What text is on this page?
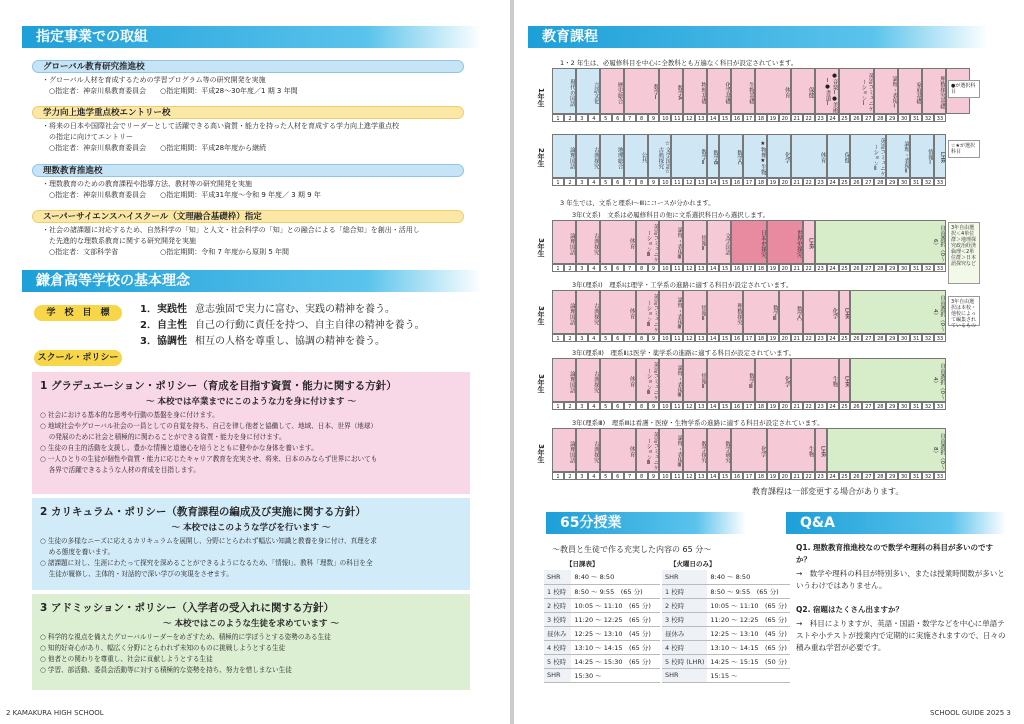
指定事業での取組
グローバル教育研究推進校
・グローバル人材を育成するための学習プログラム等の研究開発を実施
　○指定者：神奈川県教育委員会　　○指定期間：平成28〜30年度／1 期 3 年間
学力向上進学重点校エントリー校
・将来の日本や国際社会でリーダーとして活躍できる高い資質・能力を持った人材を育成する学力向上進学重点校
　の指定に向けてエントリー
　○指定者：神奈川県教育委員会　　○指定期間：平成28年度から継続
理数教育推進校
・理数教育のための教育課程や指導方法、教材等の研究開発を実施
　○指定者：神奈川県教育委員会　　○指定期間：平成31年度〜令和 9 年度／ 3 期 9 年
スーパーサイエンスハイスクール（文理融合基礎枠）指定
・社会の諸課題に対応するため、自然科学の「知」と人文・社会科学の「知」との融合による「総合知」を創出・活用し
　た先進的な理数系教育に関する研究開発を実施
　○指定者：文部科学省　　　　　　○指定期間：令和 7 年度から原則 5 年間
鎌倉高等学校の基本理念
学　校　目　標	1．実践性 意志強固で実力に富む、実践の精神を養う。
2．自主性 自己の行動に責任を持つ、自主自律の精神を養う。
3．協調性 相互の人格を尊重し、協調の精神を養う。
スクール・ポリシー
1 グラデュエーション・ポリシー（育成を目指す資質・能力に関する方針）
〜 本校では卒業までにこのような力を身に付けます 〜
○ 社会における基本的な思考や行動の基盤を身に付けます。
○ 地域社会やグローバル社会の一員としての自覚を持ち、自己を律し他者と協働して、地域、日本、世界（地球）
　 の発展のために社会と積極的に関わることができる資質・能力を身に付けます。
○ 生徒の自主的活動を支援し、豊かな情操と道徳心を培うとともに健やかな身体を養います。
○ 一人ひとりの生徒が個性や資質・能力に応じたキャリア教育を充実させ、将来、日本のみならず世界においても
　 各界で活躍できるような人材の育成を目指します。
2 カリキュラム・ポリシー（教育課程の編成及び実施に関する方針）
〜 本校ではこのような学びを行います 〜
○ 生徒の多様なニーズに応えるカリキュラムを展開し、分野にとらわれず幅広い知識と教養を身に付け、真理を求
　 める態度を養います。
○ 諸課題に対し、生涯にわたって探究を深めることができるようになるため、「情報Ⅰ」、教科「理数」の科目を全
　 生徒が履修し、主体的・対話的で深い学びの実現をさせます。
3 アドミッション・ポリシー（入学者の受入れに関する方針）
〜 本校ではこのような生徒を求めています 〜
○ 科学的な視点を備えたグローバルリーダーをめざすため、積極的に学ぼうとする姿勢のある生徒
○ 知的好奇心があり、幅広く分野にとらわれず未知のものに挑戦しようとする生徒
○ 他者との関わりを尊重し、社会に貢献しようとする生徒
○ 学習、部活動、委員会活動等に対する積極的な姿勢を持ち、努力を惜しまない生徒
2 KAMAKURA HIGH SCHOOL
教育課程
1・2 年生は、必履修科目を中心に全教科とも万遍なく科目が設定されています。
1年生	現代の国語	言語文化	歴史総合	数学Ⅰ	数学A	物理基礎	化学基礎	生物基礎	体育	保健	●音楽Ⅰ●美術Ⅰ●書道Ⅰ	英語コミュニケーションⅠ	論理・表現Ⅰ	家庭基礎	理数探究基礎
1	2	3	4	5	6	7	8	9	10	11	12	13	14	15	16	17	18	19	20	21	22	23	24	25	26	27	28	29	30	31	32	33
●が選択科目
2年生	論理国語	古典探究	地理総合	公共	☆文学国語☆古典探究	数学Ⅱ	数学B	数学C	★物理★生物	化学	体育	保健	英語コミュニケーションⅡ	論理・表現Ⅱ	情報Ⅰ	LHR
1	2	3	4	5	6	7	8	9	10	11	12	13	14	15	16	17	18	19	20	21	22	23	24	25	26	27	28	29	30	31	32	33
☆★が選択科目
3 年生では、文系と理系Ⅰ〜Ⅲにコースが分かれます。
3年(文系)　文系は必履修科目の他に文系選択科目から選択します。
3年生	論理国語	古典探究	体育	英語コミュニケーションⅢ	論理・表現Ⅲ	情報Ⅱ	文学国語	日本史探究	世界史探究	LHR	自由選択（0〜6）
1	2	3	4	5	6	7	8	9	10	11	12	13	14	15	16	17	18	19	20	21	22	23	24	25	26	27	28	29	30	31	32	33
3年(理系Ⅰ)　理系Ⅰは理学・工学系の進路に適する科目が設定されています。
3年生	論理国語	古典探究	体育	英語コミュニケーションⅢ	論理・表現Ⅲ	情報Ⅱ	理数探究	数学Ⅲ	数学C	化学	LHR	自由選択（0〜4）
1	2	3	4	5	6	7	8	9	10	11	12	13	14	15	16	17	18	19	20	21	22	23	24	25	26	27	28	29	30	31	32	33
3年(理系Ⅱ)　理系Ⅱは医学・薬学系の進路に適する科目が設定されています。
3年生	論理国語	古典探究	体育	英語コミュニケーションⅢ	論理・表現Ⅲ	情報Ⅱ	数学Ⅲ	化学	生物	LHR	自由選択（0〜4）
1	2	3	4	5	6	7	8	9	10	11	12	13	14	15	16	17	18	19	20	21	22	23	24	25	26	27	28	29	30	31	32	33
3年(理系Ⅲ)　理系Ⅲは看護・医療・生物学系の進路に適する科目が設定されています。
3年生	論理国語	古典探究	体育	英語コミュニケーションⅢ	論理・表現Ⅲ	数学探究	数学研究	化学	生物	LHR	自由選択（0〜8）
1	2	3	4	5	6	7	8	9	10	11	12	13	14	15	16	17	18	19	20	21	22	23	24	25	26	27	28	29	30	31	32	33
3年自由選択＜4単位群＞地理探究政治経済倫理＜2単位群＞日本語探究など
3年自由選択は本校・他校によって編集されているもの
教育課程は一部変更する場合があります。
65分授業
〜教員と生徒で作る充実した内容の 65 分〜
【日課表】	【火曜日のみ】
SHR	8:40 〜 8:50
1 校時	8:50 〜 9:55　(65 分)
2 校時	10:05 〜 11:10　(65 分)
3 校時	11:20 〜 12:25　(65 分)
昼休み	12:25 〜 13:10　(45 分)
4 校時	13:10 〜 14:15　(65 分)
5 校時	14:25 〜 15:30　(65 分)
SHR	15:30 〜
SHR	8:40 〜 8:50
1 校時	8:50 〜 9:55　(65 分)
2 校時	10:05 〜 11:10　(65 分)
3 校時	11:20 〜 12:25　(65 分)
昼休み	12:25 〜 13:10　(45 分)
4 校時	13:10 〜 14:15　(65 分)
5 校時 (LHR)	14:25 〜 15:15　(50 分)
SHR	15:15 〜
Q&A
Q1. 理数教育推進校なので数学や理科の科目が多いのですか？
→　数学や理科の科目が特別多い、または授業時間数が多いというわけではありません。
Q2. 宿題はたくさん出ますか？
→　科目によりますが、英語・国語・数学などを中心に単語テストや小テストが授業内で定期的に実施されますので、日々の積み重ね学習が必要です。
SCHOOL GUIDE 2025 3
